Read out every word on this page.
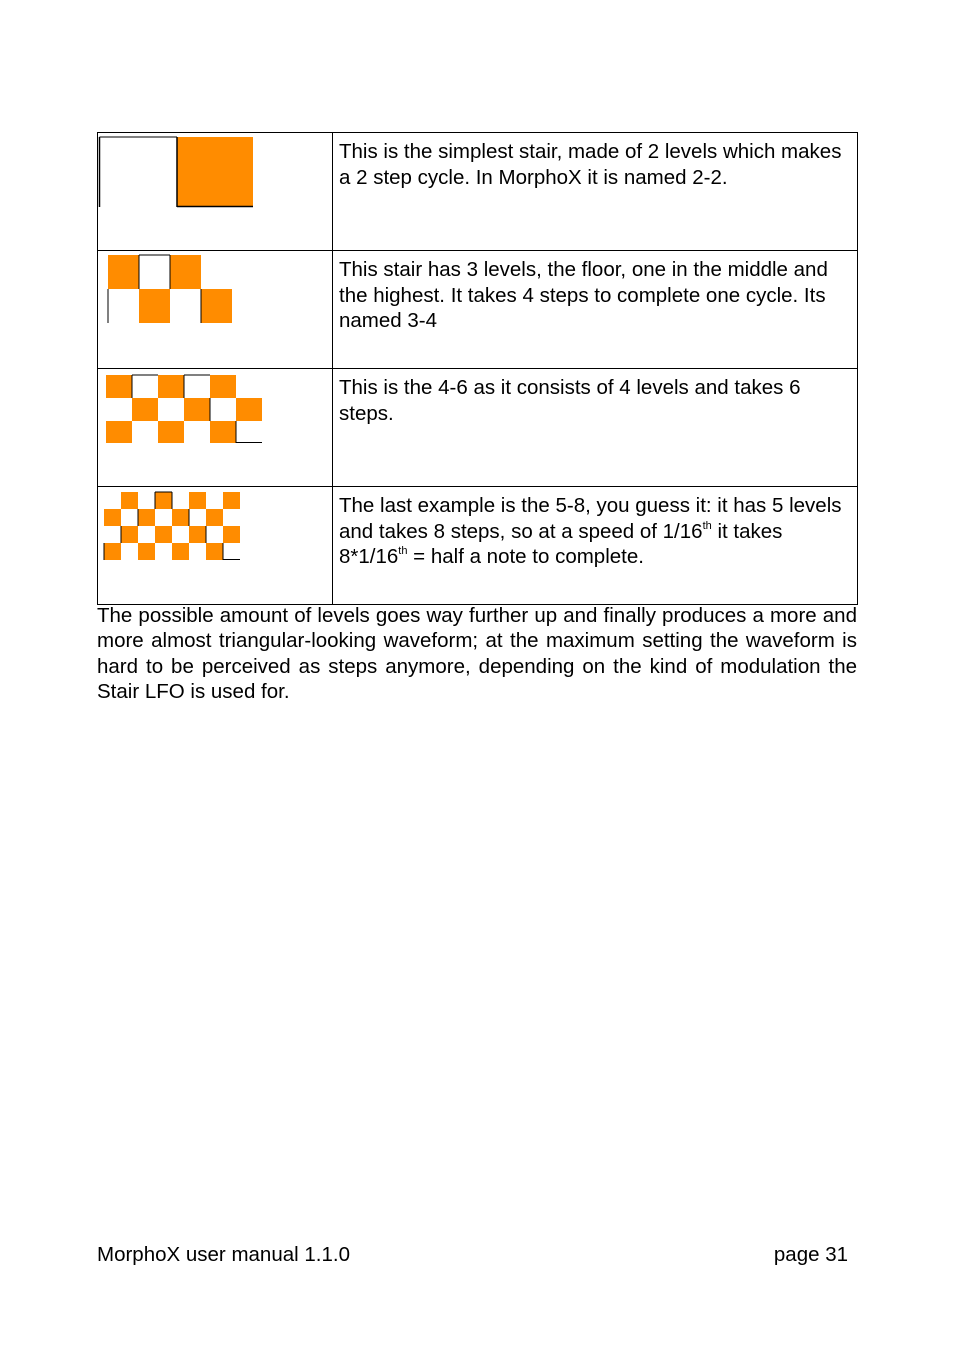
	This is the simplest stair, made of 2 levels which makes a 2 step cycle. In MorphoX it is named 2-2.

	This stair has 3 levels, the floor, one in the middle and the highest. It takes 4 steps to complete one cycle. Its named 3-4

	This is the 4-6 as it consists of 4 levels and takes 6 steps.

	The last example is the 5-8, you guess it: it has 5 levels and takes 8 steps, so at a speed of 1/16th it takes 8*1/16th = half a note to complete.

The possible amount of levels goes way further up and finally produces a more and more almost triangular-looking waveform; at the maximum setting the waveform is hard to be perceived as steps anymore, depending on the kind of modulation the Stair LFO is used for.

MorphoX user manual 1.1.0	page 31
